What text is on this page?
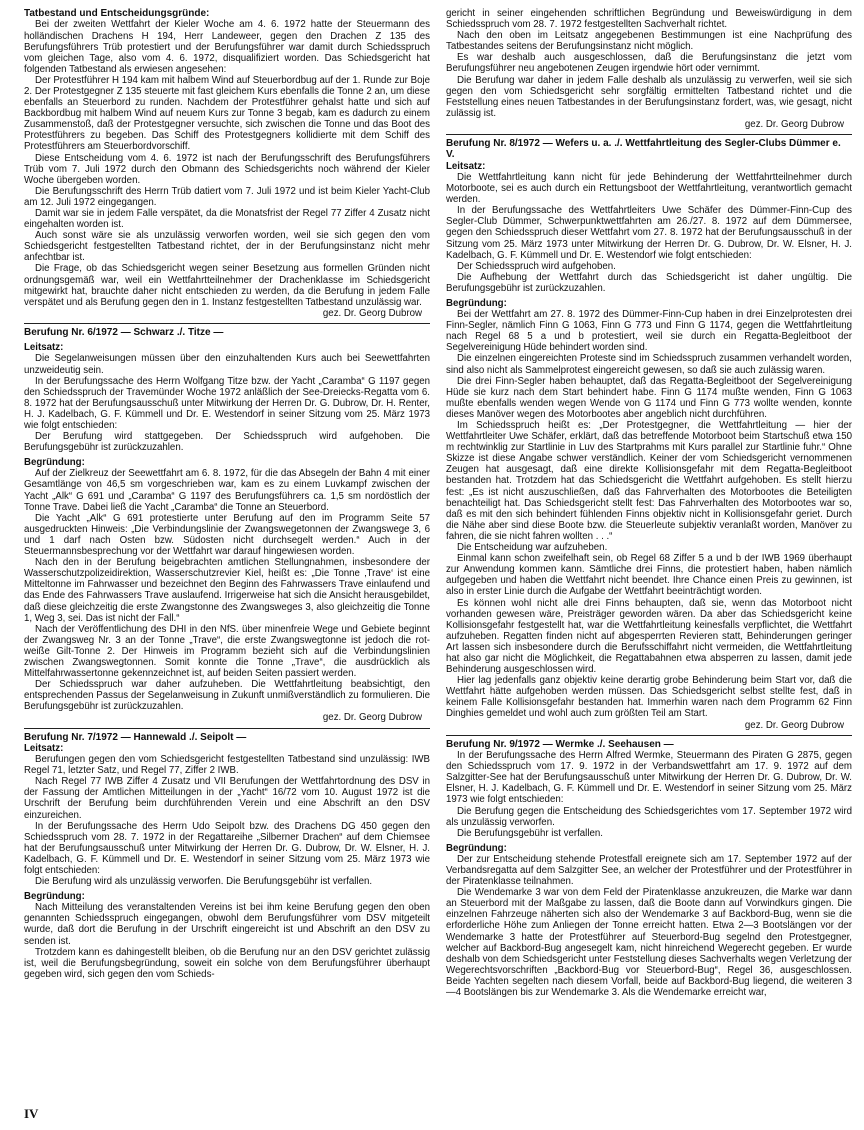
Tatbestand und Entscheidungsgründe:

Bei der zweiten Wettfahrt der Kieler Woche am 4. 6. 1972 hatte der Steuermann des holländischen Drachens H 194, Herr Landeweer, gegen den Drachen Z 135 des Berufungsführers Trüb protestiert und der Berufungsführer war damit durch Schiedsspruch vom gleichen Tage, also vom 4. 6. 1972, disqualifiziert worden. Das Schiedsgericht hat folgenden Tatbestand als erwiesen angesehen:

Der Protestführer H 194 kam mit halbem Wind auf Steuerbordbug auf der 1. Runde zur Boje 2. Der Protestgegner Z 135 steuerte mit fast gleichem Kurs ebenfalls die Tonne 2 an, um diese ebenfalls an Steuerbord zu runden. Nachdem der Protestführer gehalst hatte und sich auf Backbordbug mit halbem Wind auf neuem Kurs zur Tonne 3 begab, kam es dadurch zu einem Zusammenstoß, daß der Protestgegner versuchte, sich zwischen die Tonne und das Boot des Protestführers zu begeben. Das Schiff des Protestgegners kollidierte mit dem Schiff des Protestführers am Steuerbordvorschiff.

Diese Entscheidung vom 4. 6. 1972 ist nach der Berufungsschrift des Berufungsführers Trüb vom 7. Juli 1972 durch den Obmann des Schiedsgerichts noch während der Kieler Woche übergeben worden.

Die Berufungsschrift des Herrn Trüb datiert vom 7. Juli 1972 und ist beim Kieler Yacht-Club am 12. Juli 1972 eingegangen.

Damit war sie in jedem Falle verspätet, da die Monatsfrist der Regel 77 Ziffer 4 Zusatz nicht eingehalten worden ist.

Auch sonst wäre sie als unzulässig verworfen worden, weil sie sich gegen den vom Schiedsgericht festgestellten Tatbestand richtet, der in der Berufungsinstanz nicht mehr anfechtbar ist.

Die Frage, ob das Schiedsgericht wegen seiner Besetzung aus formellen Gründen nicht ordnungsgemäß war, weil ein Wettfahrtteilnehmer der Drachenklasse im Schiedsgericht mitgewirkt hat, brauchte daher nicht entschieden zu werden, da die Berufung in jedem Falle verspätet und als Berufung gegen den in 1. Instanz festgestellten Tatbestand unzulässig war.

gez. Dr. Georg Dubrow

Berufung Nr. 6/1972 — Schwarz ./. Titze —
Leitsatz:

Die Segelanweisungen müssen über den einzuhaltenden Kurs auch bei Seewettfahrten unzweideutig sein.

In der Berufungssache des Herrn Wolfgang Titze bzw. der Yacht „Caramba“ G 1197 gegen den Schiedsspruch der Travemünder Woche 1972 anläßlich der See-Dreiecks-Regatta vom 6. 8. 1972 hat der Berufungsausschuß unter Mitwirkung der Herren Dr. G. Dubrow, Dr. H. Renter, H. J. Kadelbach, G. F. Kümmell und Dr. E. Westendorf in seiner Sitzung vom 25. März 1973 wie folgt entschieden:

Der Berufung wird stattgegeben. Der Schiedsspruch wird aufgehoben. Die Berufungsgebühr ist zurückzuzahlen.

Begründung:

Auf der Zielkreuz der Seewettfahrt am 6. 8. 1972, für die das Absegeln der Bahn 4 mit einer Gesamtlänge von 46,5 sm vorgeschrieben war, kam es zu einem Luvkampf zwischen der Yacht „Alk“ G 691 und „Caramba“ G 1197 des Berufungsführers ca. 1,5 sm nordöstlich der Tonne Trave. Dabei ließ die Yacht „Caramba“ die Tonne an Steuerbord.

Die Yacht „Alk“ G 691 protestierte unter Berufung auf den im Programm Seite 57 ausgedruckten Hinweis: „Die Verbindungslinie der Zwangswegetonnen der Zwangswege 3, 6 und 1 darf nach Osten bzw. Südosten nicht durchsegelt werden.“ Auch in der Steuermannsbesprechung vor der Wettfahrt war darauf hingewiesen worden.

Nach den in der Berufung beigebrachten amtlichen Stellungnahmen, insbesondere der Wasserschutzpolizeidirektion, Wasserschutzrevier Kiel, heißt es: „Die Tonne ‚Trave‘ ist eine Mitteltonne im Fahrwasser und bezeichnet den Beginn des Fahrwassers Trave einlaufend und das Ende des Fahrwassers Trave auslaufend. Irrigerweise hat sich die Ansicht herausgebildet, daß diese gleichzeitig die erste Zwangstonne des Zwangsweges 3, also gleichzeitig die Tonne 1, Weg 3, sei. Das ist nicht der Fall.“

Nach der Veröffentlichung des DHI in den NfS. über minenfreie Wege und Gebiete beginnt der Zwangsweg Nr. 3 an der Tonne „Trave“, die erste Zwangswegtonne ist jedoch die rot-weiße Gilt-Tonne 2. Der Hinweis im Programm bezieht sich auf die Verbindungslinien zwischen Zwangswegtonnen. Somit konnte die Tonne „Trave“, die ausdrücklich als Mittelfahrwassertonne gekennzeichnet ist, auf beiden Seiten passiert werden.

Der Schiedsspruch war daher aufzuheben. Die Wettfahrtleitung beabsichtigt, den entsprechenden Passus der Segelanweisung in Zukunft unmißverständlich zu formulieren. Die Berufungsgebühr ist zurückzuzahlen.

gez. Dr. Georg Dubrow

Berufung Nr. 7/1972 — Hannewald ./. Seipolt —
Leitsatz:

Berufungen gegen den vom Schiedsgericht festgestellten Tatbestand sind unzulässig: IWB Regel 71, letzter Satz, und Regel 77, Ziffer 2 IWB.

Nach Regel 77 IWB Ziffer 4 Zusatz und VII Berufungen der Wettfahrtordnung des DSV in der Fassung der Amtlichen Mitteilungen in der „Yacht“ 16/72 vom 10. August 1972 ist die Urschrift der Berufung beim durchführenden Verein und eine Abschrift an den DSV einzureichen.

In der Berufungssache des Herrn Udo Seipolt bzw. des Drachens DG 450 gegen den Schiedsspruch vom 28. 7. 1972 in der Regattareihe „Silberner Drachen“ auf dem Chiemsee hat der Berufungsausschuß unter Mitwirkung der Herren Dr. G. Dubrow, Dr. W. Elsner, H. J. Kadelbach, G. F. Kümmell und Dr. E. Westendorf in seiner Sitzung vom 25. März 1973 wie folgt entschieden:

Die Berufung wird als unzulässig verworfen. Die Berufungsgebühr ist verfallen.

Begründung:

Nach Mitteilung des veranstaltenden Vereins ist bei ihm keine Berufung gegen den oben genannten Schiedsspruch eingegangen, obwohl dem Berufungsführer vom DSV mitgeteilt wurde, daß dort die Berufung in der Urschrift eingereicht ist und Abschrift an den DSV zu senden ist.

Trotzdem kann es dahingestellt bleiben, ob die Berufung nur an den DSV gerichtet zulässig ist, weil die Berufungsbegründung, soweit ein solche von dem Berufungsführer überhaupt gegeben wird, sich gegen den vom Schieds-

gericht in seiner eingehenden schriftlichen Begründung und Beweiswürdigung in dem Schiedsspruch vom 28. 7. 1972 festgestellten Sachverhalt richtet.

Nach den oben im Leitsatz angegebenen Bestimmungen ist eine Nachprüfung des Tatbestandes seitens der Berufungsinstanz nicht möglich.

Es war deshalb auch ausgeschlossen, daß die Berufungsinstanz die jetzt vom Berufungsführer neu angebotenen Zeugen irgendwie hört oder vernimmt.

Die Berufung war daher in jedem Falle deshalb als unzulässig zu verwerfen, weil sie sich gegen den vom Schiedsgericht sehr sorgfältig ermittelten Tatbestand richtet und die Feststellung eines neuen Tatbestandes in der Berufungsinstanz fordert, was, wie gesagt, nicht zulässig ist.

gez. Dr. Georg Dubrow

Berufung Nr. 8/1972 — Wefers u. a. ./. Wettfahrtleitung des Segler-Clubs Dümmer e. V.
Leitsatz:

Die Wettfahrtleitung kann nicht für jede Behinderung der Wettfahrtteilnehmer durch Motorboote, sei es auch durch ein Rettungsboot der Wettfahrtleitung, verantwortlich gemacht werden.

In der Berufungssache des Wettfahrtleiters Uwe Schäfer des Dümmer-Finn-Cup des Segler-Club Dümmer, Schwerpunktwettfahrten am 26./27. 8. 1972 auf dem Dümmersee, gegen den Schiedsspruch dieser Wettfahrt vom 27. 8. 1972 hat der Berufungsausschuß in der Sitzung vom 25. März 1973 unter Mitwirkung der Herren Dr. G. Dubrow, Dr. W. Elsner, H. J. Kadelbach, G. F. Kümmell und Dr. E. Westendorf wie folgt entschieden:

Der Schiedsspruch wird aufgehoben.

Die Aufhebung der Wettfahrt durch das Schiedsgericht ist daher ungültig. Die Berufungsgebühr ist zurückzuzahlen.

Begründung:

Bei der Wettfahrt am 27. 8. 1972 des Dümmer-Finn-Cup haben in drei Einzelprotesten drei Finn-Segler, nämlich Finn G 1063, Finn G 773 und Finn G 1174, gegen die Wettfahrtleitung nach Regel 68 5 a und b protestiert, weil sie durch ein Regatta-Begleitboot der Segelvereinigung Hüde behindert worden sind.

Die einzelnen eingereichten Proteste sind im Schiedsspruch zusammen verhandelt worden, sind also nicht als Sammelprotest eingereicht gewesen, so daß sie auch zulässig waren.

Die drei Finn-Segler haben behauptet, daß das Regatta-Begleitboot der Segelvereinigung Hüde sie kurz nach dem Start behindert habe. Finn G 1174 mußte wenden, Finn G 1063 mußte ebenfalls wenden wegen Wende von G 1174 und Finn G 773 wollte wenden, konnte dieses Manöver wegen des Motorbootes aber angeblich nicht durchführen.

Im Schiedsspruch heißt es: „Der Protestgegner, die Wettfahrtleitung — hier der Wettfahrtleiter Uwe Schäfer, erklärt, daß das betreffende Motorboot beim Startschuß etwa 150 m rechtwinklig zur Startlinie in Luv des Startprahms mit Kurs parallel zur Startlinie fuhr.“ Ohne Skizze ist diese Angabe schwer verständlich. Keiner der vom Schiedsgericht vernommenen Zeugen hat ausgesagt, daß eine direkte Kollisionsgefahr mit dem Regatta-Begleitboot bestanden hat. Trotzdem hat das Schiedsgericht die Wettfahrt aufgehoben. Es stellt hierzu fest: „Es ist nicht auszuschließen, daß das Fahrverhalten des Motorbootes die Beteiligten benachteiligt hat. Das Schiedsgericht stellt fest: Das Fahrverhalten des Motorbootes war so, daß es mit den sich behindert fühlenden Finns objektiv nicht in Kollisionsgefahr geriet. Durch die Nähe aber sind diese Boote bzw. die Steuerleute subjektiv veranlaßt worden, Manöver zu fahren, die sie nicht fahren wollten . . .“

Die Entscheidung war aufzuheben.

Einmal kann schon zweifelhaft sein, ob Regel 68 Ziffer 5 a und b der IWB 1969 überhaupt zur Anwendung kommen kann. Sämtliche drei Finns, die protestiert haben, haben nämlich aufgegeben und haben die Wettfahrt nicht beendet. Ihre Chance einen Preis zu gewinnen, ist also in erster Linie durch die Aufgabe der Wettfahrt beeinträchtigt worden.

Es können wohl nicht alle drei Finns behaupten, daß sie, wenn das Motorboot nicht vorhanden gewesen wäre, Preisträger geworden wären. Da aber das Schiedsgericht keine Kollisionsgefahr festgestellt hat, war die Wettfahrtleitung keinesfalls verpflichtet, die Wettfahrt aufzuheben. Regatten finden nicht auf abgesperrten Revieren statt, Behinderungen geringer Art lassen sich insbesondere durch die Berufsschiffahrt nicht vermeiden, die Wettfahrtleitung hat also gar nicht die Möglichkeit, die Regattabahnen etwa absperren zu lassen, damit jede Behinderung ausgeschlossen wird.

Hier lag jedenfalls ganz objektiv keine derartig grobe Behinderung beim Start vor, daß die Wettfahrt hätte aufgehoben werden müssen. Das Schiedsgericht selbst stellte fest, daß in keinem Falle Kollisionsgefahr bestanden hat. Immerhin waren nach dem Programm 62 Finn Dinghies gemeldet und wohl auch zum größten Teil am Start.

gez. Dr. Georg Dubrow

Berufung Nr. 9/1972 — Wermke ./. Seehausen —

In der Berufungssache des Herrn Alfred Wermke, Steuermann des Piraten G 2875, gegen den Schiedsspruch vom 17. 9. 1972 in der Verbandswettfahrt am 17. 9. 1972 auf dem Salzgitter-See hat der Berufungsausschuß unter Mitwirkung der Herren Dr. G. Dubrow, Dr. W. Elsner, H. J. Kadelbach, G. F. Kümmell und Dr. E. Westendorf in seiner Sitzung vom 25. März 1973 wie folgt entschieden:

Die Berufung gegen die Entscheidung des Schiedsgerichtes vom 17. September 1972 wird als unzulässig verworfen.

Die Berufungsgebühr ist verfallen.

Begründung:

Der zur Entscheidung stehende Protestfall ereignete sich am 17. September 1972 auf der Verbandsregatta auf dem Salzgitter See, an welcher der Protestführer und der Protestführer in der Piratenklasse teilnahmen.

Die Wendemarke 3 war von dem Feld der Piratenklasse anzukreuzen, die Marke war dann an Steuerbord mit der Maßgabe zu lassen, daß die Boote dann auf Vorwindkurs gingen. Die einzelnen Fahrzeuge näherten sich also der Wendemarke 3 auf Backbord-Bug, wenn sie die erforderliche Höhe zum Anliegen der Tonne erreicht hatten. Etwa 2—3 Bootslängen vor der Wendemarke 3 hatte der Protestführer auf Steuerbord-Bug segelnd den Protestgegner, welcher auf Backbord-Bug angesegelt kam, nicht hinreichend Wegerecht gegeben. Er wurde deshalb von dem Schiedsgericht unter Feststellung dieses Sachverhalts wegen Verletzung der Wegerechtsvorschriften „Backbord-Bug vor Steuerbord-Bug“, Regel 36, ausgeschlossen. Beide Yachten segelten nach diesem Vorfall, beide auf Backbord-Bug liegend, die weiteren 3—4 Bootslängen bis zur Wendemarke 3. Als die Wendemarke erreicht war,

IV
